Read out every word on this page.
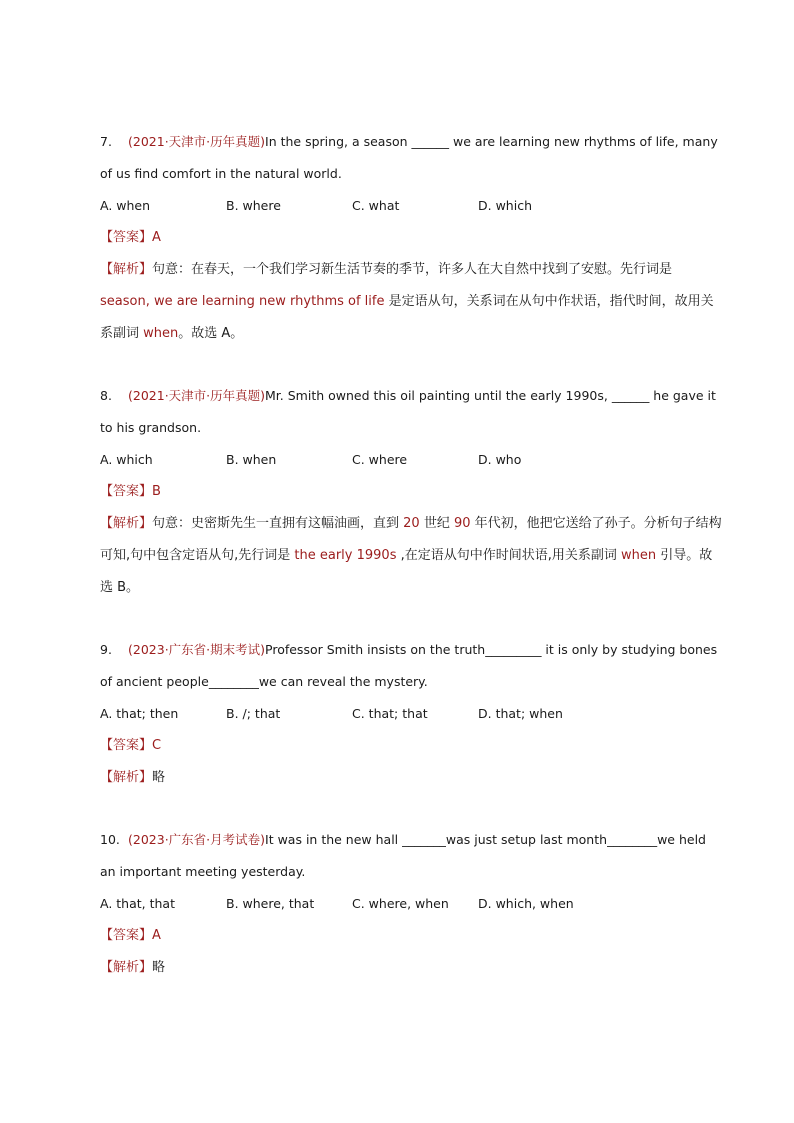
7. (2021·天津市·历年真题)In the spring, a season ______ we are learning new rhythms of life, many of us find comfort in the natural world.
A. when	B. where	C. what	D. which
【答案】A
【解析】句意：在春天，一个我们学习新生活节奏的季节，许多人在大自然中找到了安慰。先行词是 season, we are learning new rhythms of life 是定语从句，关系词在从句中作状语，指代时间，故用关系副词 when。故选 A。
8. (2021·天津市·历年真题)Mr. Smith owned this oil painting until the early 1990s, ______ he gave it to his grandson.
A. which	B. when	C. where	D. who
【答案】B
【解析】句意：史密斯先生一直拥有这幅油画，直到 20 世纪 90 年代初，他把它送给了孙子。分析句子结构可知,句中包含定语从句,先行词是 the early 1990s ,在定语从句中作时间状语,用关系副词 when 引导。故选 B。
9. (2023·广东省·期末考试)Professor Smith insists on the truth_________ it is only by studying bones of ancient people________we can reveal the mystery.
A. that; then	B. /; that	C. that; that	D. that; when
【答案】C
【解析】略
10. (2023·广东省·月考试卷)It was in the new hall _______was just setup last month________we held an important meeting yesterday.
A. that, that	B. where, that	C. where, when D. which, when
【答案】A
【解析】略
